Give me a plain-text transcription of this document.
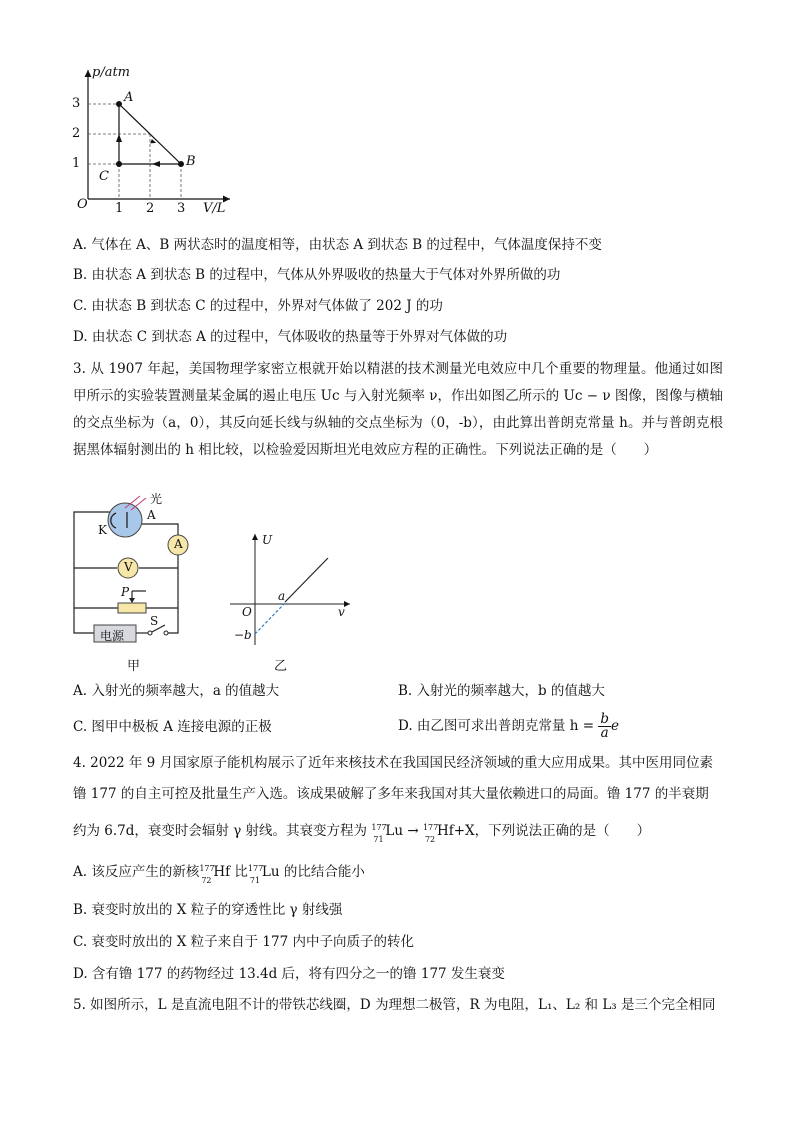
p/atm
V/L
O
3
2
1
1 2 3
A
B
C
A. 气体在 A、B 两状态时的温度相等，由状态 A 到状态 B 的过程中，气体温度保持不变
B. 由状态 A 到状态 B 的过程中，气体从外界吸收的热量大于气体对外界所做的功
C. 由状态 B 到状态 C 的过程中，外界对气体做了 202 J 的功
D. 由状态 C 到状态 A 的过程中，气体吸收的热量等于外界对气体做的功
3. 从 1907 年起，美国物理学家密立根就开始以精湛的技术测量光电效应中几个重要的物理量。他通过如图甲所示的实验装置测量某金属的遏止电压 Uc 与入射光频率 ν，作出如图乙所示的 Uc − ν 图像，图像与横轴的交点坐标为（a，0），其反向延长线与纵轴的交点坐标为（0，-b），由此算出普朗克常量 h。并与普朗克根据黑体辐射测出的 h 相比较，以检验爱因斯坦光电效应方程的正确性。下列说法正确的是（　　）
光
K
A
A
V
P
电源
S
甲
U
v
O
a
−b
乙
A. 入射光的频率越大，a 的值越大	B. 入射光的频率越大，b 的值越大
C. 图甲中极板 A 连接电源的正极	D. 由乙图可求出普朗克常量 $h = \frac{b}{a}$ e
4. 2022 年 9 月国家原子能机构展示了近年来核技术在我国国民经济领域的重大应用成果。其中医用同位素
镥 177 的自主可控及批量生产入选。该成果破解了多年来我国对其大量依赖进口的局面。镥 177 的半衰期
约为 6.7d，衰变时会辐射 γ 射线。其衰变方程为 177
71 Lu → 177
72 Hf+X，下列说法正确的是（　　）
A. 该反应产生的新核 177
72 Hf 比 177
71 Lu 的比结合能小
B. 衰变时放出的 X 粒子的穿透性比 γ 射线强
C. 衰变时放出的 X 粒子来自于 177 内中子向质子的转化
D. 含有镥 177 的药物经过 13.4d 后，将有四分之一的镥 177 发生衰变
5. 如图所示，L 是直流电阻不计的带铁芯线圈，D 为理想二极管，R 为电阻，L₁、L₂ 和 L₃ 是三个完全相同
